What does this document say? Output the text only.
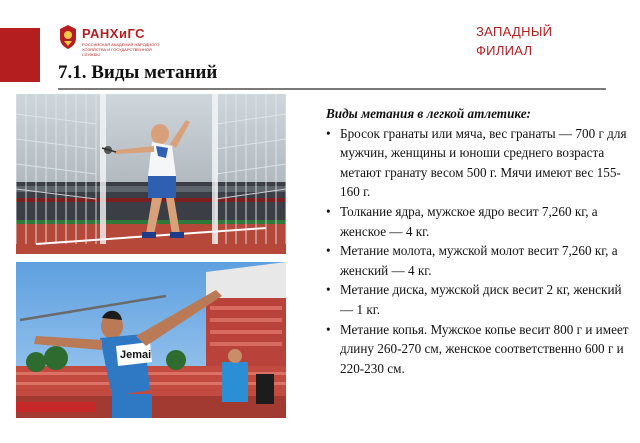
РАНХиГС
РОССИЙСКАЯ АКАДЕМИЯ НАРОДНОГО ХОЗЯЙСТВА И ГОСУДАРСТВЕННОЙ СЛУЖБЫ
ЗАПАДНЫЙ
ФИЛИАЛ
7.1. Виды метаний
Jemai

Виды метания в легкой атлетике:

• Бросок гранаты или мяча, вес гранаты — 700 г для мужчин, женщины и юноши среднего возраста метают гранату весом 500 г. Мячи имеют вес 155-160 г.
• Толкание ядра, мужское ядро весит 7,260 кг, а женское — 4 кг.
• Метание молота, мужской молот весит 7,260 кг, а женский — 4 кг.
• Метание диска, мужской диск весит 2 кг, женский — 1 кг.
• Метание копья. Мужское копье весит 800 г и имеет длину 260-270 см, женское соответственно 600 г и 220-230 см.
